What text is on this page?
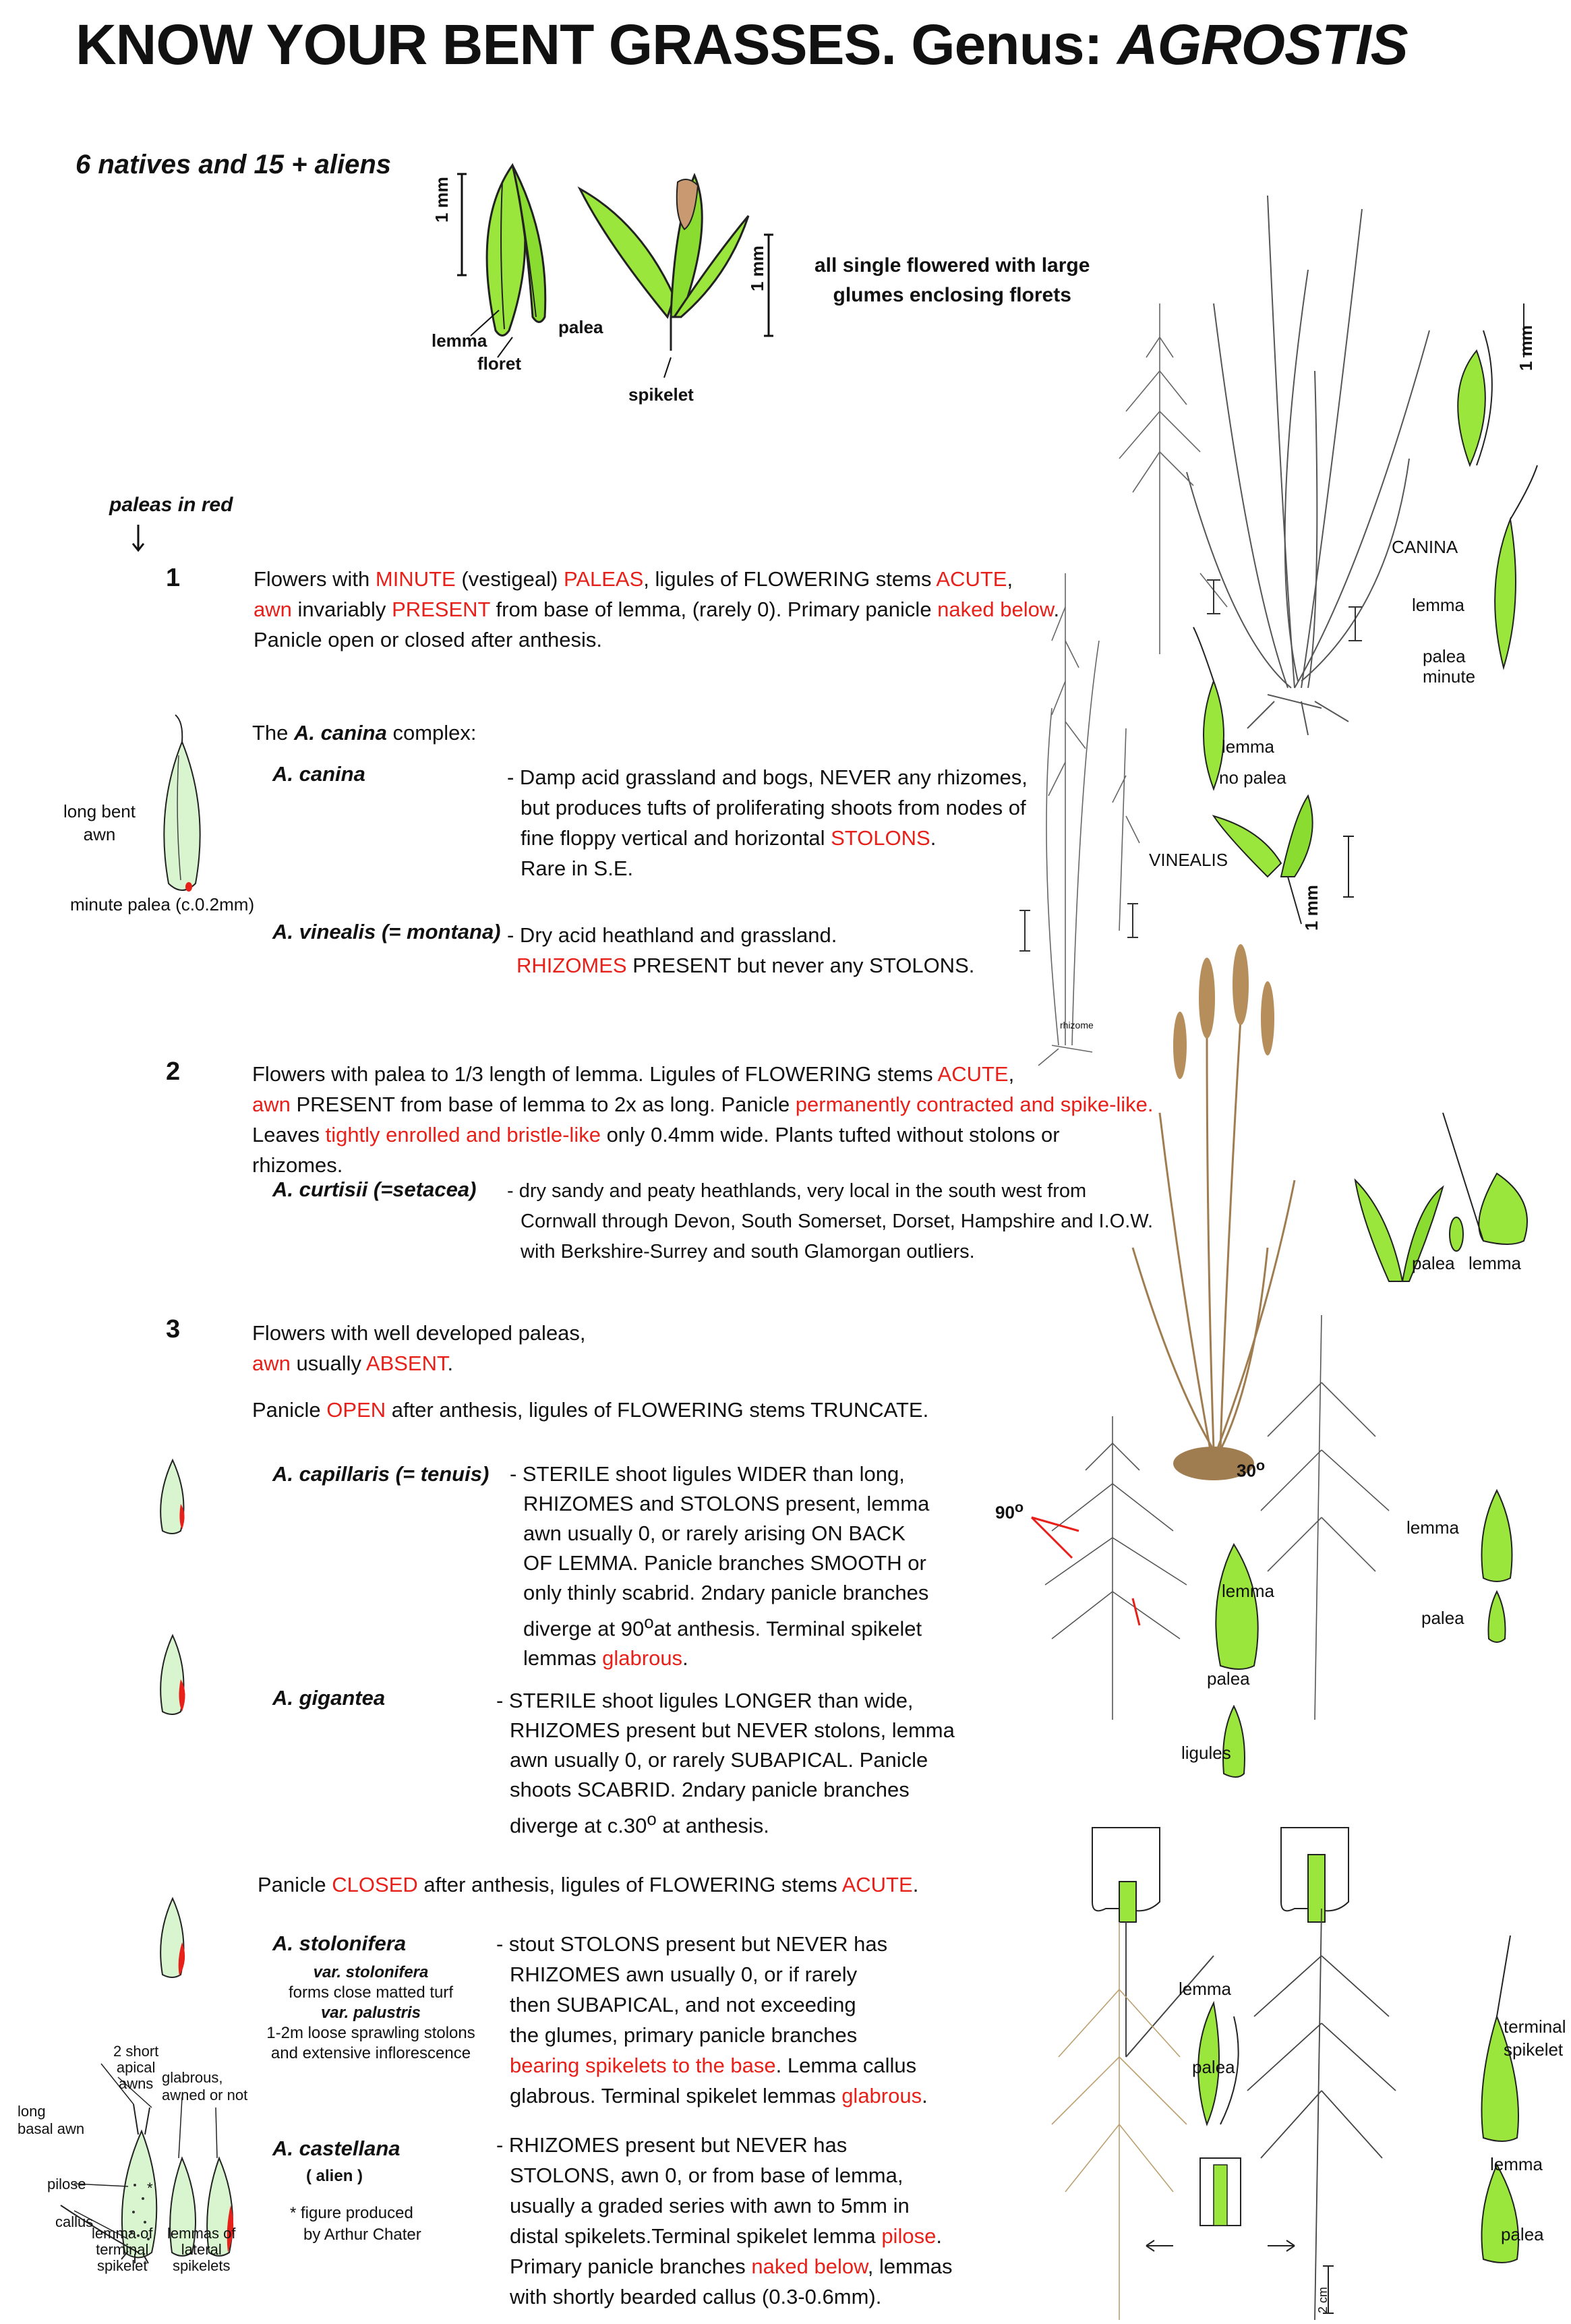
KNOW YOUR BENT GRASSES. Genus: AGROSTIS
6 natives and 15 + aliens
1 mm
1 mm
lemma
floret
palea
spikelet
all single flowered with large
glumes enclosing florets
paleas in red
1	Flowers with MINUTE (vestigeal) PALEAS, ligules of FLOWERING stems ACUTE,
awn invariably PRESENT from base of lemma, (rarely 0). Primary panicle naked below.
Panicle open or closed after anthesis.
The A. canina complex:
A. canina	- Damp acid grassland and bogs, NEVER any rhizomes,
but produces tufts of proliferating shoots from nodes of
fine floppy vertical and horizontal STOLONS.
Rare in S.E.
A. vinealis (= montana) - Dry acid heathland and grassland.
RHIZOMES PRESENT but never any STOLONS.
long bent
awn
minute palea (c.0.2mm)
2	Flowers with palea to 1/3 length of lemma. Ligules of FLOWERING stems ACUTE,
awn PRESENT from base of lemma to 2x as long. Panicle permanently contracted and spike-like.
Leaves tightly enrolled and bristle-like only 0.4mm wide. Plants tufted without stolons or rhizomes.
A. curtisii (=setacea) - dry sandy and peaty heathlands, very local in the south west from
Cornwall through Devon, South Somerset, Dorset, Hampshire and I.O.W.
with Berkshire-Surrey and south Glamorgan outliers.
3	Flowers with well developed paleas,
awn usually ABSENT.
Panicle OPEN after anthesis, ligules of FLOWERING stems TRUNCATE.
A. capillaris (= tenuis) - STERILE shoot ligules WIDER than long,
RHIZOMES and STOLONS present, lemma
awn usually 0, or rarely arising ON BACK
OF LEMMA. Panicle branches SMOOTH or
only thinly scabrid. 2ndary panicle branches
diverge at 90$^o$at anthesis. Terminal spikelet
lemmas glabrous.
A. gigantea	- STERILE shoot ligules LONGER than wide,
RHIZOMES present but NEVER stolons, lemma
awn usually 0, or rarely SUBAPICAL. Panicle
shoots SCABRID. 2ndary panicle branches
diverge at c.30$^o$ at anthesis.
Panicle CLOSED after anthesis, ligules of FLOWERING stems ACUTE.
A. stolonifera
var. stolonifera
forms close matted turf
var. palustris
1-2m loose sprawling stolons
and extensive inflorescence
- stout STOLONS present but NEVER has
RHIZOMES awn usually 0, or if rarely
then SUBAPICAL, and not exceeding
the glumes, primary panicle branches
bearing spikelets to the base. Lemma callus
glabrous. Terminal spikelet lemmas glabrous.
A. castellana
( alien )
* figure produced
by Arthur Chater
- RHIZOMES present but NEVER has
STOLONS, awn 0, or from base of lemma,
usually a graded series with awn to 5mm in
distal spikelets.Terminal spikelet lemma pilose.
Primary panicle branches naked below, lemmas
with shortly bearded callus (0.3-0.6mm).
2 short
apical
awns glabrous,
awned or not
long basal awn
pilose
callus
*
lemma of
terminal
spikelet
lemmas of
lateral
spikelets
CANINA
lemma
palea
minute
1 mm
lemma
no palea
VINEALIS
1 mm
rhizome
palea lemma
90$^o$
30$^o$
lemma
palea
lemma
palea
ligules
lemma
palea
terminal
spikelet
lemma
palea
2 cm
